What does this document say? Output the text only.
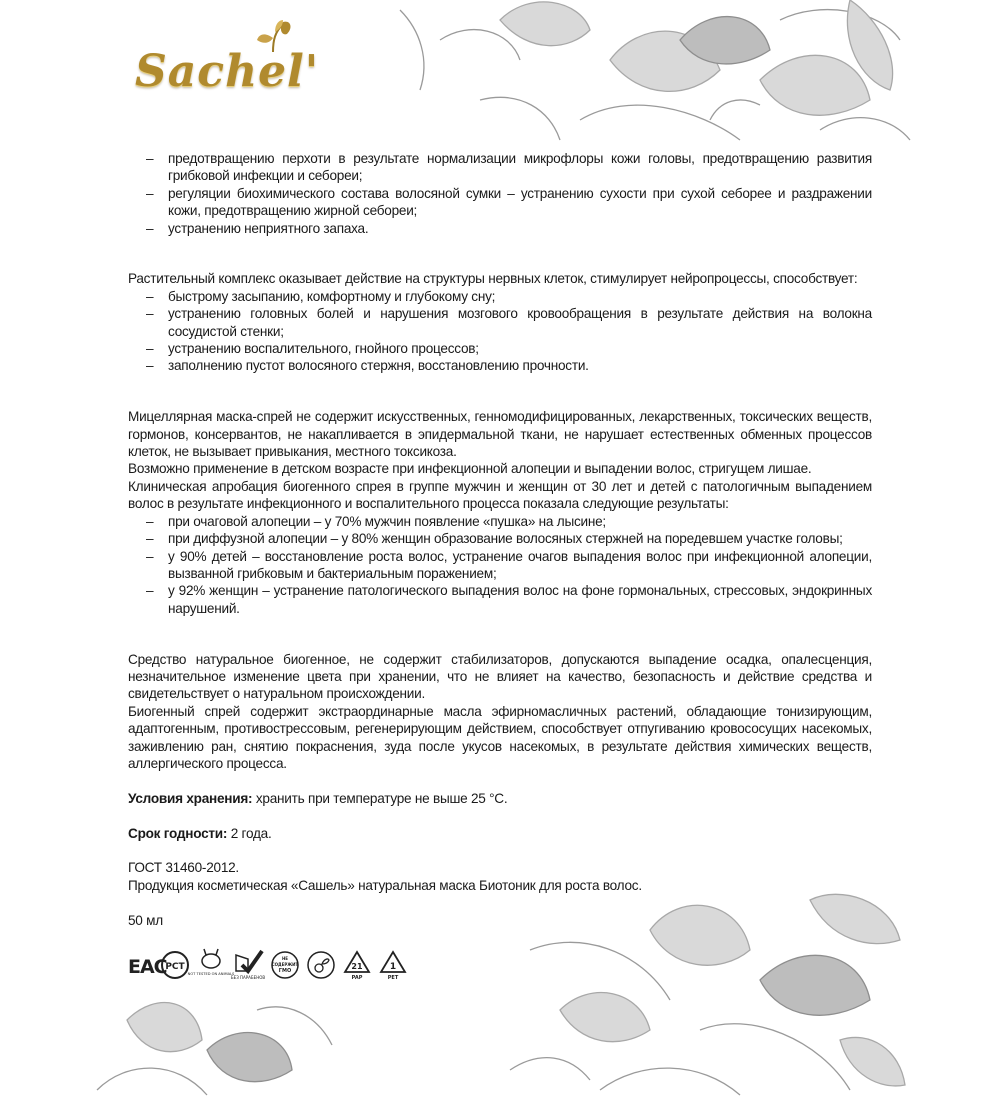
Sachel'
– предотвращению перхоти в результате нормализации микрофлоры кожи головы, предотвращению развития грибковой инфекции и себореи;
– регуляции биохимического состава волосяной сумки – устранению сухости при сухой себорее и раздражении кожи, предотвращению жирной себореи;
– устранению неприятного запаха.

Растительный комплекс оказывает действие на структуры нервных клеток, стимулирует нейропроцессы, способствует:

– быстрому засыпанию, комфортному и глубокому сну;
– устранению головных болей и нарушения мозгового кровообращения в результате действия на волокна сосудистой стенки;
– устранению воспалительного, гнойного процессов;
– заполнению пустот волосяного стержня, восстановлению прочности.

Мицеллярная маска-спрей не содержит искусственных, генномодифицированных, лекарственных, токсических веществ, гормонов, консервантов, не накапливается в эпидермальной ткани, не нарушает естественных обменных процессов клеток, не вызывает привыкания, местного токсикоза.

Возможно применение в детском возрасте при инфекционной алопеции и выпадении волос, стригущем лишае.

Клиническая апробация биогенного спрея в группе мужчин и женщин от 30 лет и детей с патологичным выпадением волос в результате инфекционного и воспалительного процесса показала следующие результаты:

– при очаговой алопеции – у 70% мужчин появление «пушка» на лысине;
– при диффузной алопеции – у 80% женщин образование волосяных стержней на поредевшем участке головы;
– у 90% детей – восстановление роста волос, устранение очагов выпадения волос при инфекционной алопеции, вызванной грибковым и бактериальным поражением;
– у 92% женщин – устранение патологического выпадения волос на фоне гормональных, стрессовых, эндокринных нарушений.

Средство натуральное биогенное, не содержит стабилизаторов, допускаются выпадение осадка, опалесценция, незначительное изменение цвета при хранении, что не влияет на качество, безопасность и действие средства и свидетельствует о натуральном происхождении.

Биогенный спрей содержит экстраординарные масла эфирномасличных растений, обладающие тонизирующим, адаптогенным, противострессовым, регенерирующим действием, способствует отпугиванию кровососущих насекомых, заживлению ран, снятию покраснения, зуда после укусов насекомых, в результате действия химических веществ, аллергического процесса.

Условия хранения: хранить при температуре не выше 25 °С.

Срок годности: 2 года.

ГОСТ 31460-2012.

Продукция косметическая «Сашель» натуральная маска Биотоник для роста волос.

50 мл

EAC
PCT
NOT TESTED ON ANIMALS
БЕЗ ПАРАБЕНОВ
НЕ
СОДЕРЖИТ
ГМО	21
PAP
1
PET
